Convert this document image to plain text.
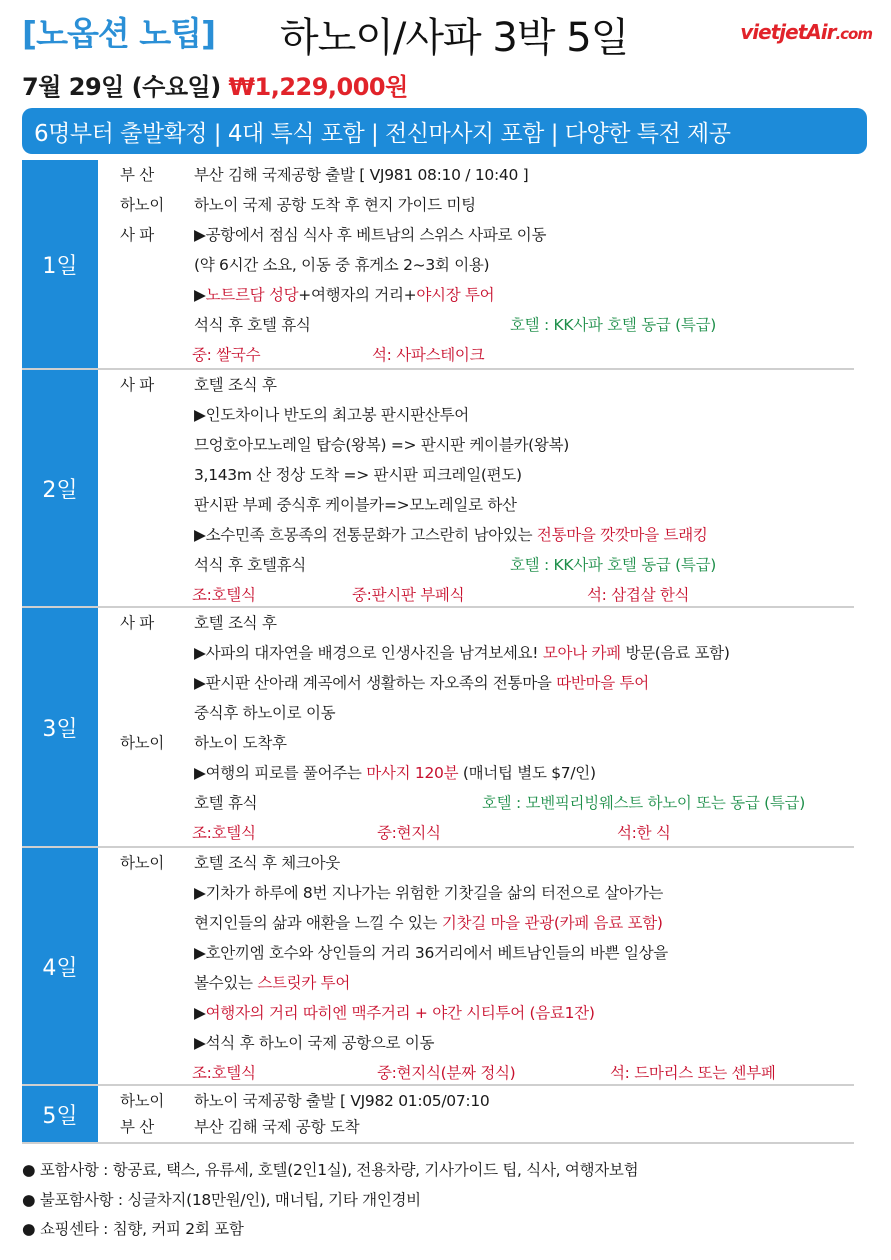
[노옵션 노팁] 하노이/사파 3박 5일	vietjetAir.com
7월 29일 (수요일) ₩1,229,000원
6명부터 출발확정 | 4대 특식 포함 | 전신마사지 포함 | 다양한 특전 제공
1일
부 산	부산 김해 국제공항 출발 [ VJ981 08:10 / 10:40 ]
하노이 하노이 국제 공항 도착 후 현지 가이드 미팅
사 파	▶공항에서 점심 식사 후 베트남의 스위스 사파로 이동
(약 6시간 소요, 이동 중 휴게소 2~3회 이용)
▶노트르담 성당+여행자의 거리+야시장 투어
석식 후 호텔 휴식	호텔 : KK사파 호텔 동급 (특급)
중: 쌀국수	석: 사파스테이크
2일
사 파	호텔 조식 후
▶인도차이나 반도의 최고봉 판시판산투어
므엉호아모노레일 탑승(왕복) => 판시판 케이블카(왕복)
3,143m 산 정상 도착 => 판시판 피크레일(편도)
판시판 부페 중식후 케이블카=>모노레일로 하산
▶소수민족 흐몽족의 전통문화가 고스란히 남아있는 전통마을 깟깟마을 트래킹
석식 후 호텔휴식	호텔 : KK사파 호텔 동급 (특급)
조:호텔식	중:판시판 부페식	석: 삼겹살 한식
3일
사 파	호텔 조식 후
▶사파의 대자연을 배경으로 인생사진을 남겨보세요! 모아나 카페 방문(음료 포함)
▶판시판 산아래 계곡에서 생활하는 자오족의 전통마을 따반마을 투어
중식후 하노이로 이동
하노이 하노이 도착후
▶여행의 피로를 풀어주는 마사지 120분 (매너팁 별도 $7/인)
호텔 휴식	호텔 : 모벤픽리빙웨스트 하노이 또는 동급 (특급)
조:호텔식	중:현지식	석:한 식
4일
하노이 호텔 조식 후 체크아웃
▶기차가 하루에 8번 지나가는 위험한 기찻길을 삶의 터전으로 살아가는
현지인들의 삶과 애환을 느낄 수 있는 기찻길 마을 관광(카페 음료 포함)
▶호안끼엠 호수와 상인들의 거리 36거리에서 베트남인들의 바쁜 일상을
볼수있는 스트릿카 투어
▶여행자의 거리 따히엔 맥주거리 + 야간 시티투어 (음료1잔)
▶석식 후 하노이 국제 공항으로 이동
조:호텔식	중:현지식(분짜 정식)	석: 드마리스 또는 센부페
5일
하노이 하노이 국제공항 출발 [ VJ982 01:05/07:10
부 산	부산 김해 국제 공항 도착
● 포함사항 : 항공료, 택스, 유류세, 호텔(2인1실), 전용차량, 기사가이드 팁, 식사, 여행자보험
● 불포함사항 : 싱글차지(18만원/인), 매너팁, 기타 개인경비
● 쇼핑센타 : 침향, 커피 2회 포함
